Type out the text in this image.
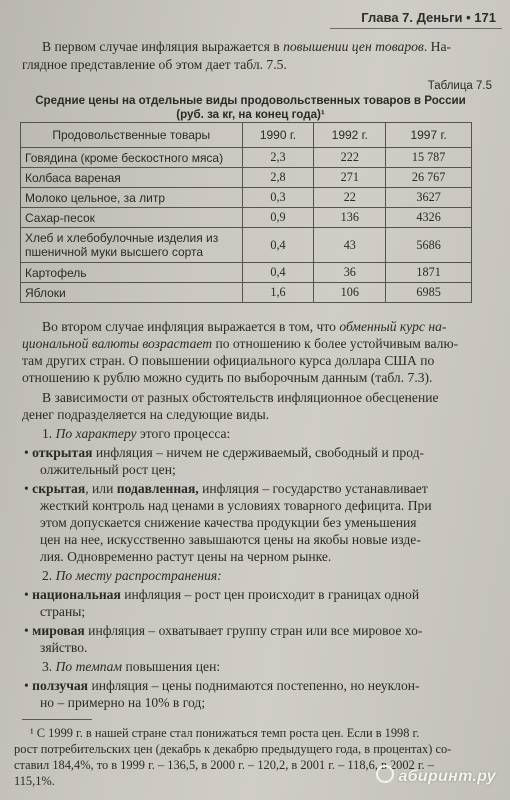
Глава 7. Деньги • 171
В первом случае инфляция выражается в повышении цен товаров. На-
глядное представление об этом дает табл. 7.5.
Таблица 7.5
Средние цены на отдельные виды продовольственных товаров в России
(руб. за кг, на конец года)¹
Продовольственные товары	1990 г.	1992 г.	1997 г.
Говядина (кроме бескостного мяса)	2,3	222	15 787
Колбаса вареная	2,8	271	26 767
Молоко цельное, за литр	0,3	22	3627
Сахар-песок	0,9	136	4326

Хлеб и хлебобулочные изделия из
пшеничной муки высшего сорта	0,4	43	5686
Картофель	0,4	36	1871
Яблоки	1,6	106	6985
Во втором случае инфляция выражается в том, что обменный курс на-
циональной валюты возрастает по отношению к более устойчивым валю-
там других стран. О повышении официального курса доллара США по
отношению к рублю можно судить по выборочным данным (табл. 7.3).
В зависимости от разных обстоятельств инфляционное обесценение
денег подразделяется на следующие виды.
1. По характеру этого процесса:
• открытая инфляция – ничем не сдерживаемый, свободный и прод-
олжительный рост цен;
• скрытая, или подавленная, инфляция – государство устанавливает
жесткий контроль над ценами в условиях товарного дефицита. При
этом допускается снижение качества продукции без уменьшения
цен на нее, искусственно завышаются цены на якобы новые изде-
лия. Одновременно растут цены на черном рынке.
2. По месту распространения:
• национальная инфляция – рост цен происходит в границах одной
страны;
• мировая инфляция – охватывает группу стран или все мировое хо-
зяйство.
3. По темпам повышения цен:
• ползучая инфляция – цены поднимаются постепенно, но неуклон-
но – примерно на 10% в год;
¹ С 1999 г. в нашей стране стал понижаться темп роста цен. Если в 1998 г.
рост потребительских цен (декабрь к декабрю предыдущего года, в процентах) со-
ставил 184,4%, то в 1999 г. – 136,5, в 2000 г. – 120,2, в 2001 г. – 118,6, в 2002 г. –
115,1%.	абиринт.ру
